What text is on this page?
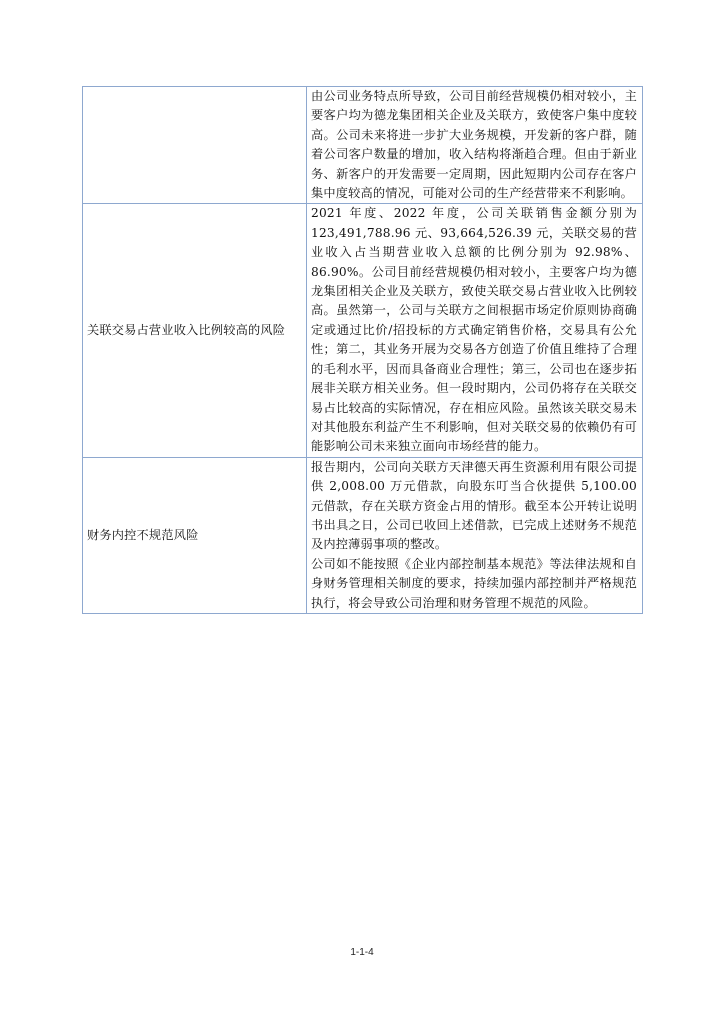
	由公司业务特点所导致，公司目前经营规模仍相对较小，主要客户均为德龙集团相关企业及关联方，致使客户集中度较高。公司未来将进一步扩大业务规模，开发新的客户群，随着公司客户数量的增加，收入结构将渐趋合理。但由于新业务、新客户的开发需要一定周期，因此短期内公司存在客户集中度较高的情况，可能对公司的生产经营带来不利影响。

关联交易占营业收入比例较高的风险	2021 年度、2022 年度，公司关联销售金额分别为 123,491,788.96 元、93,664,526.39 元，关联交易的营业收入占当期营业收入总额的比例分别为 92.98%、86.90%。公司目前经营规模仍相对较小，主要客户均为德龙集团相关企业及关联方，致使关联交易占营业收入比例较高。虽然第一，公司与关联方之间根据市场定价原则协商确定或通过比价/招投标的方式确定销售价格，交易具有公允性；第二，其业务开展为交易各方创造了价值且维持了合理的毛利水平，因而具备商业合理性；第三，公司也在逐步拓展非关联方相关业务。但一段时期内，公司仍将存在关联交易占比较高的实际情况，存在相应风险。虽然该关联交易未对其他股东利益产生不利影响，但对关联交易的依赖仍有可能影响公司未来独立面向市场经营的能力。

财务内控不规范风险	报告期内，公司向关联方天津德天再生资源利用有限公司提供 2,008.00 万元借款，向股东叮当合伙提供 5,100.00 元借款，存在关联方资金占用的情形。截至本公开转让说明书出具之日，公司已收回上述借款，已完成上述财务不规范及内控薄弱事项的整改。

公司如不能按照《企业内部控制基本规范》等法律法规和自身财务管理相关制度的要求，持续加强内部控制并严格规范执行，将会导致公司治理和财务管理不规范的风险。

1-1-4
